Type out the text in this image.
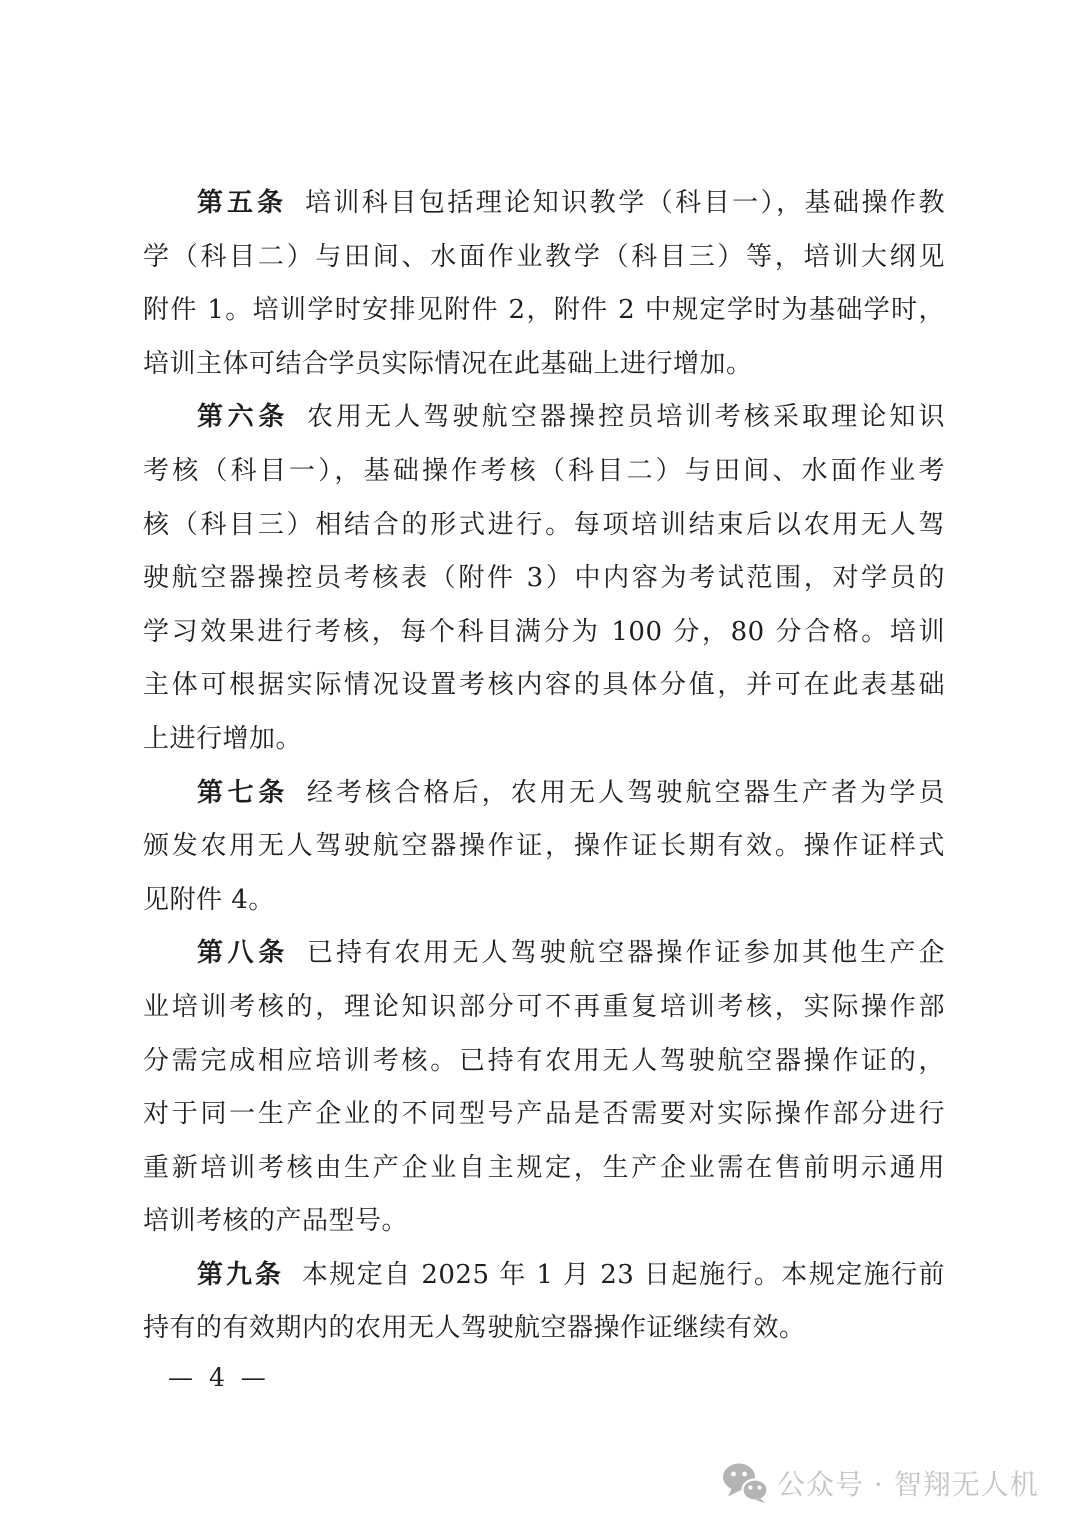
第五条 培训科目包括理论知识教学（科目一），基础操作教
学（科目二）与田间、水面作业教学（科目三）等，培训大纲见
附件 1。培训学时安排见附件 2，附件 2 中规定学时为基础学时，
培训主体可结合学员实际情况在此基础上进行增加。
第六条 农用无人驾驶航空器操控员培训考核采取理论知识
考核（科目一），基础操作考核（科目二）与田间、水面作业考
核（科目三）相结合的形式进行。每项培训结束后以农用无人驾
驶航空器操控员考核表（附件 3）中内容为考试范围，对学员的
学习效果进行考核，每个科目满分为 100 分，80 分合格。培训
主体可根据实际情况设置考核内容的具体分值，并可在此表基础
上进行增加。
第七条 经考核合格后，农用无人驾驶航空器生产者为学员
颁发农用无人驾驶航空器操作证，操作证长期有效。操作证样式
见附件 4。
第八条 已持有农用无人驾驶航空器操作证参加其他生产企
业培训考核的，理论知识部分可不再重复培训考核，实际操作部
分需完成相应培训考核。已持有农用无人驾驶航空器操作证的，
对于同一生产企业的不同型号产品是否需要对实际操作部分进行
重新培训考核由生产企业自主规定，生产企业需在售前明示通用
培训考核的产品型号。
第九条 本规定自 2025 年 1 月 23 日起施行。本规定施行前
持有的有效期内的农用无人驾驶航空器操作证继续有效。
— 4 —
公众号 · 智翔无人机
